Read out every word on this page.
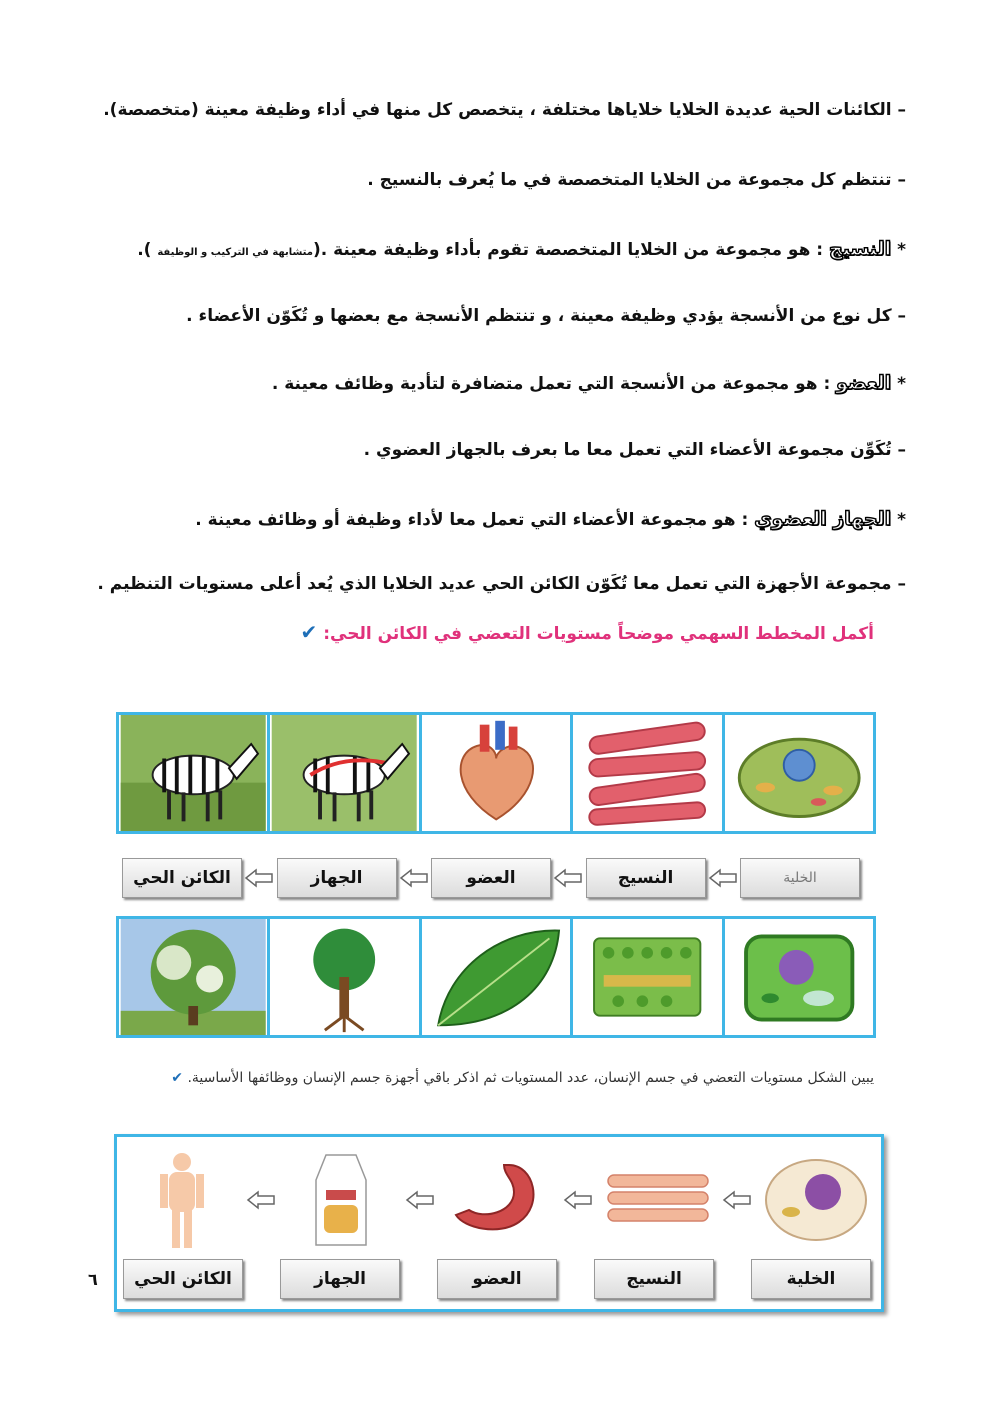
– الكائنات الحية عديدة الخلايا خلاياها مختلفة ، يتخصص كل منها في أداء وظيفة معينة (متخصصة).
– تنتظم كل مجموعة من الخلايا المتخصصة في ما يُعرف بالنسيج .
* النسيج : هو مجموعة من الخلايا المتخصصة تقوم بأداء وظيفة معينة .(متشابهة في التركيب و الوظيفة ).
– كل نوع من الأنسجة يؤدي وظيفة معينة ، و تنتظم الأنسجة مع بعضها و تُكَوّن الأعضاء .
* العضو : هو مجموعة من الأنسجة التي تعمل متضافرة لتأدية وظائف معينة .
– تُكَوِّن مجموعة الأعضاء التي تعمل معا ما بعرف بالجهاز العضوي .
* الجهاز العضوي : هو مجموعة الأعضاء التي تعمل معا لأداء وظيفة أو وظائف معينة .
– مجموعة الأجهزة التي تعمل معا تُكَوّن الكائن الحي عديد الخلايا الذي يُعد أعلى مستويات التنظيم .
أكمل المخطط السهمي موضحاً مستويات التعضي في الكائن الحي:✔
الخلية
النسيج
العضو
الجهاز
الكائن الحي
يبين الشكل مستويات التعضي في جسم الإنسان، عدد المستويات ثم اذكر باقي أجهزة جسم الإنسان ووظائفها الأساسية. ✔
الخلية
النسيج
العضو
الجهاز
الكائن الحي
٦
